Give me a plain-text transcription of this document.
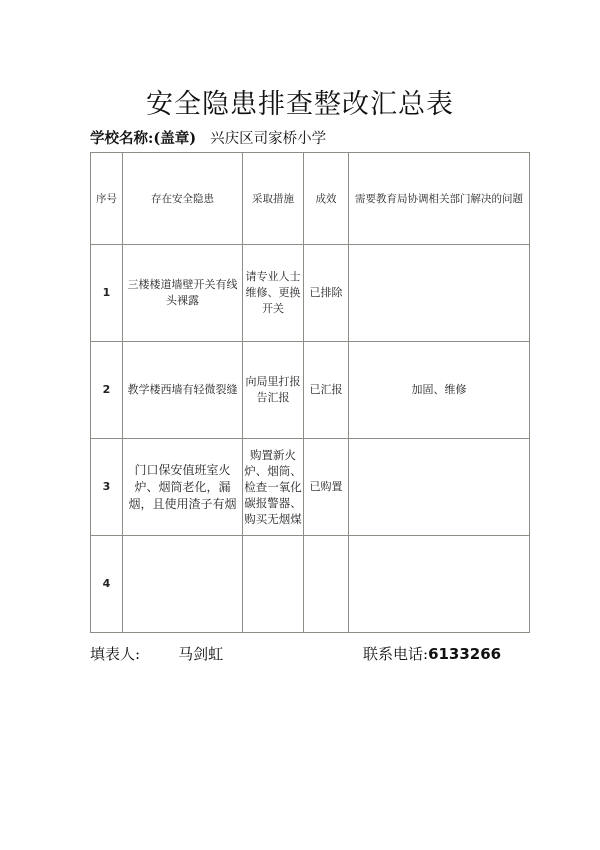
安全隐患排查整改汇总表
学校名称:(盖章) 兴庆区司家桥小学
序号	存在安全隐患	采取措施	成效	需要教育局协调相关部门解决的问题
1	三楼楼道墙壁开关有线头裸露	请专业人士维修、更换开关	已排除	
2	教学楼西墙有轻微裂缝	向局里打报告汇报	已汇报	加固、维修
3	门口保安值班室火炉、烟筒老化，漏烟，且使用渣子有烟	购置新火炉、烟筒、检查一氧化碳报警器、购买无烟煤	已购置	
4				
填表人:	马剑虹	联系电话:6133266
